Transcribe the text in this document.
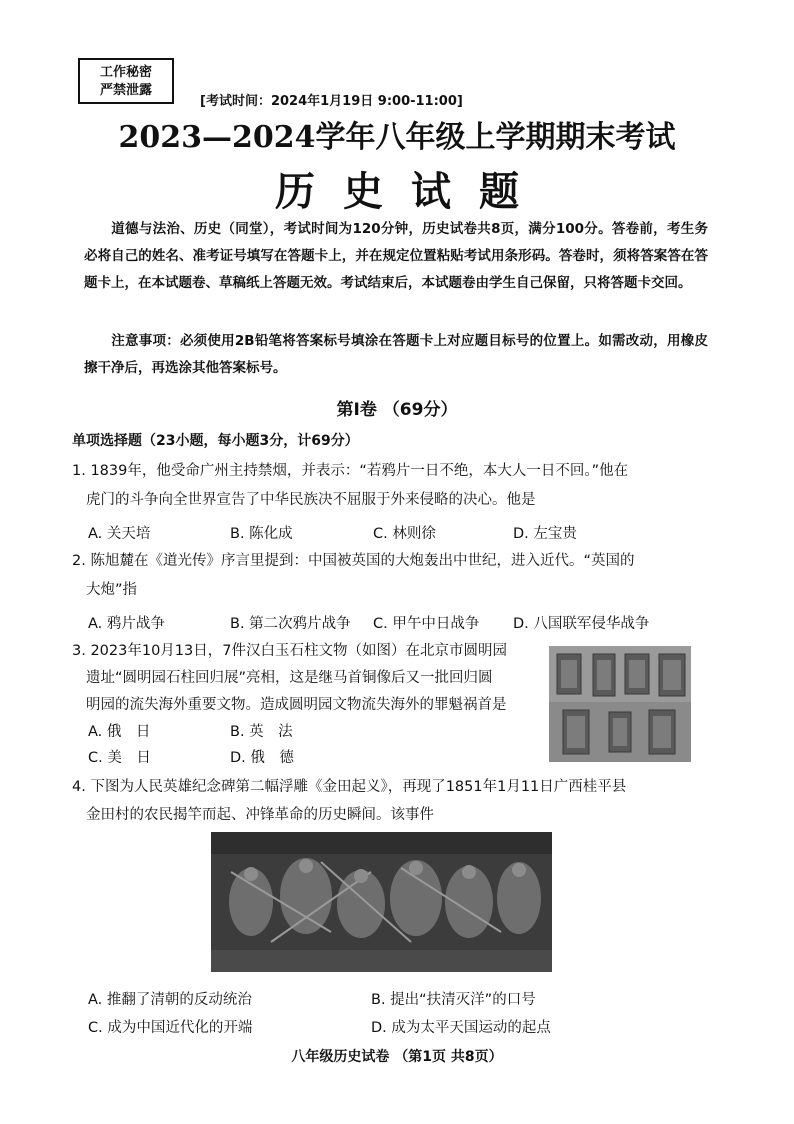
工作秘密
严禁泄露
[考试时间：2024年1月19日 9:00-11:00]
2023—2024学年八年级上学期期末考试
历史试题
道德与法治、历史（同堂），考试时间为120分钟，历史试卷共8页，满分100分。答卷前，考生务必将自己的姓名、准考证号填写在答题卡上，并在规定位置粘贴考试用条形码。答卷时，须将答案答在答题卡上，在本试题卷、草稿纸上答题无效。考试结束后，本试题卷由学生自己保留，只将答题卡交回。
注意事项：必须使用2B铅笔将答案标号填涂在答题卡上对应题目标号的位置上。如需改动，用橡皮擦干净后，再选涂其他答案标号。
第Ⅰ卷 （69分）
单项选择题（23小题，每小题3分，计69分）
1. 1839年，他受命广州主持禁烟，并表示：“若鸦片一日不绝，本大人一日不回。”他在
虎门的斗争向全世界宣告了中华民族决不屈服于外来侵略的决心。他是
A. 关天培	B. 陈化成	C. 林则徐	D. 左宝贵
2. 陈旭麓在《道光传》序言里提到：中国被英国的大炮轰出中世纪，进入近代。“英国的
大炮”指
A. 鸦片战争	B. 第二次鸦片战争 C. 甲午中日战争 D. 八国联军侵华战争
3. 2023年10月13日，7件汉白玉石柱文物（如图）在北京市圆明园
遗址“圆明园石柱回归展”亮相，这是继马首铜像后又一批回归圆
明园的流失海外重要文物。造成圆明园文物流失海外的罪魁祸首是
A. 俄　日	B. 英　法
C. 美　日	D. 俄　德
4. 下图为人民英雄纪念碑第二幅浮雕《金田起义》，再现了1851年1月11日广西桂平县
金田村的农民揭竿而起、冲锋革命的历史瞬间。该事件
A. 推翻了清朝的反动统治	B. 提出“扶清灭洋”的口号
C. 成为中国近代化的开端	D. 成为太平天国运动的起点
八年级历史试卷 （第1页 共8页）
